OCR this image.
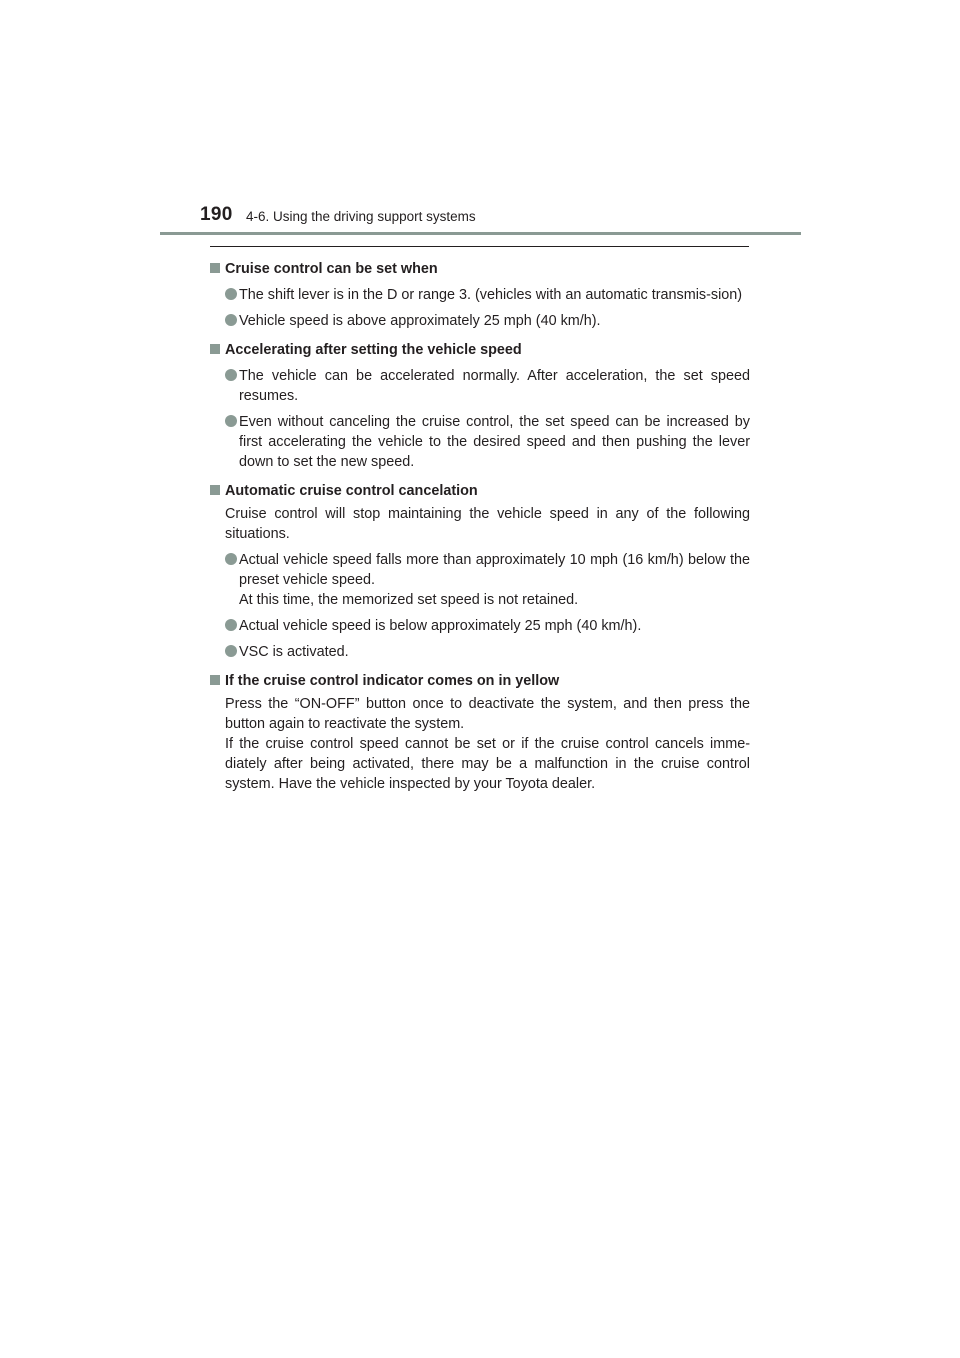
190 4-6. Using the driving support systems
Cruise control can be set when
The shift lever is in the D or range 3. (vehicles with an automatic transmis-sion)
Vehicle speed is above approximately 25 mph (40 km/h).
Accelerating after setting the vehicle speed
The vehicle can be accelerated normally. After acceleration, the set speed resumes.
Even without canceling the cruise control, the set speed can be increased by first accelerating the vehicle to the desired speed and then pushing the lever down to set the new speed.
Automatic cruise control cancelation
Cruise control will stop maintaining the vehicle speed in any of the following situations.
Actual vehicle speed falls more than approximately 10 mph (16 km/h) below the preset vehicle speed.
At this time, the memorized set speed is not retained.
Actual vehicle speed is below approximately 25 mph (40 km/h).
VSC is activated.
If the cruise control indicator comes on in yellow
Press the “ON-OFF” button once to deactivate the system, and then press the button again to reactivate the system.
If the cruise control speed cannot be set or if the cruise control cancels imme-diately after being activated, there may be a malfunction in the cruise control system. Have the vehicle inspected by your Toyota dealer.
